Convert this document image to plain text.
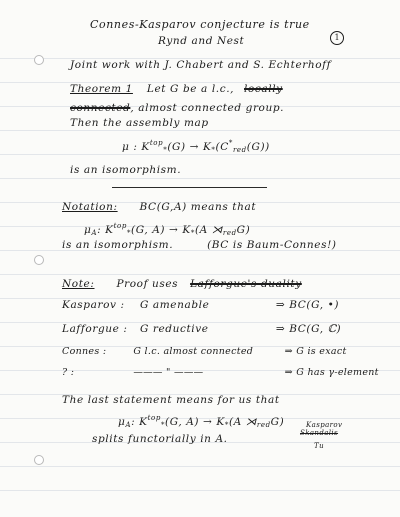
Connes-Kasparov conjecture is true
Rynd and Nest	1
Joint work with J. Chabert and S. Echterhoff
Theorem 1 Let G be a l.c., locally
connected, almost connected group.
Then the assembly map
μ : $K^{top}_*(G) \to K_*(C^*_{red}(G))$
is an isomorphism.
Notation: BC(G,A) means that
$\mu_A$: $K^{top}_*(G$, $A) \to K_*(A$ $⋊_{red}G$)
is an isomorphism.	(BC is Baum-Connes!)
Note: Proof uses Lafforgue's duality
Kasparov : G amenable	⇒ BC(G, •)
Lafforgue : G reductive	⇒ BC(G, ℂ)
Connes :	G l.c. almost connected	⇒ G is exact
? :	——— " ———	⇒ G has γ-element
The last statement means for us that
$\mu_A$: $K^{top}_*(G$, $A) \to K_*(A$ $⋊_{red}G$)	Kasparov
Skandalis
Tu
splits functorially in A.
